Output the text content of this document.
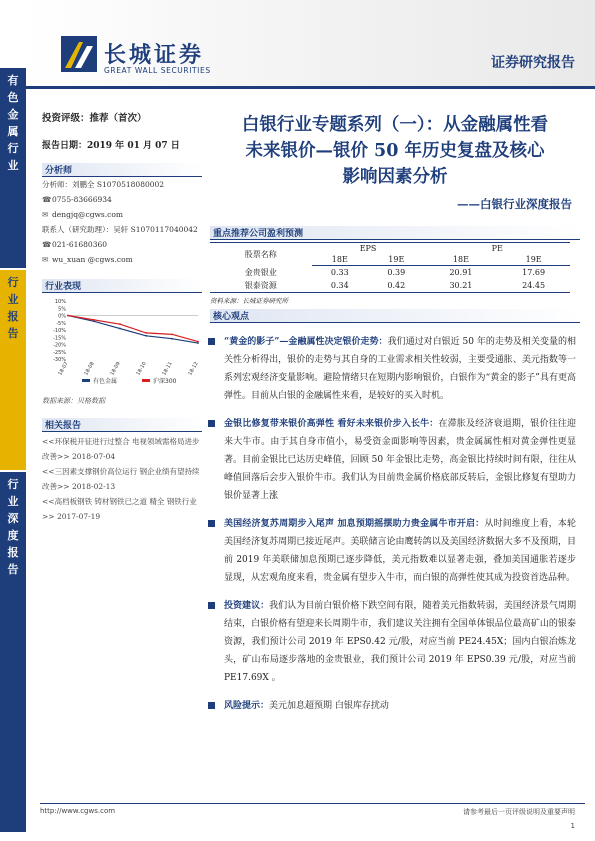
有
色
金
属
行
业
行
业
报
告
行
业
深
度
报
告
长城证券
GREAT WALL SECURITIES	证券研究报告
投资评级：推荐（首次）
报告日期：2019 年 01 月 07 日
分析师
分析师：刘鹏全 S1070518080002
☎0755-83666934
✉ dengjq@cgws.com
联系人（研究助理）：吴轩 S1070117040042
☎021-61680360
✉ wu_xuan @cgws.com
行业表现
10%
5%
0%
-5%
-10%
-15%
-20%
-25%
-30%
18-07	18-08	18-09	18-10	18-11	18-12
有色金属	沪深300
数据来源：贝格数据
相关报告
<<环保税开征进行过整合 电视领域需格局进步改善>> 2018-07-04
<<三因素支撑钢价高位运行 钢企业绩有望持续改善>> 2018-02-13
<<高档板钢铁 铸材钢铁已之道 精全 钢铁行业>> 2017-07-19
白银行业专题系列（一）：从金融属性看
未来银价—银价 50 年历史复盘及核心
影响因素分析
——白银行业深度报告
重点推荐公司盈利预测
股票名称	EPS		PE	
	18E	19E	18E	19E
金贵银业	0.33	0.39	20.91	17.69
银泰资源	0.34	0.42	30.21	24.45
资料来源：长城证券研究所
核心观点
“黄金的影子”—金融属性决定银价走势：我们通过对白银近 50 年的走势及相关变量的相关性分析得出，银价的走势与其自身的工业需求相关性较弱，主要受通胀、美元指数等一系列宏观经济变量影响。避险情绪只在短期内影响银价，白银作为“黄金的影子”具有更高弹性。目前从白银的金融属性来看，是较好的买入时机。
金银比修复带来银价高弹性 看好未来银价步入长牛：在滞胀及经济衰退期，银价往往迎来大牛市。由于其自身市值小，易受资金面影响等因素，贵金属属性相对黄金弹性更显著。目前金银比已达历史峰值，回顾 50 年金银比走势，高金银比持续时间有限，往往从峰值回落后会步入银价牛市。我们认为目前贵金属价格底部反转后，金银比修复有望助力银价显著上涨
美国经济复苏周期步入尾声 加息预期摇摆助力贵金属牛市开启：从时间维度上看，本轮美国经济复苏周期已接近尾声。美联储言论由鹰转鸽以及美国经济数据大多不及预期，目前 2019 年美联储加息预期已逐步降低，美元指数难以显著走强，叠加美国通胀若逐步显现，从宏观角度来看，贵金属有望步入牛市，而白银的高弹性使其成为投资首选品种。
投资建议：我们认为目前白银价格下跌空间有限，随着美元指数转弱，美国经济景气周期结束，白银价格有望迎来长周期牛市，我们建议关注拥有全国单体银品位最高矿山的银泰资源，我们预计公司 2019 年 EPS0.42 元/股，对应当前 PE24.45X；国内白银冶炼龙头，矿山布局逐步落地的金贵银业，我们预计公司 2019 年 EPS0.39 元/股，对应当前 PE17.69X 。
风险提示：美元加息超预期 白银库存扰动
http://www.cgws.com	请参考最后一页评级说明及重要声明
1
